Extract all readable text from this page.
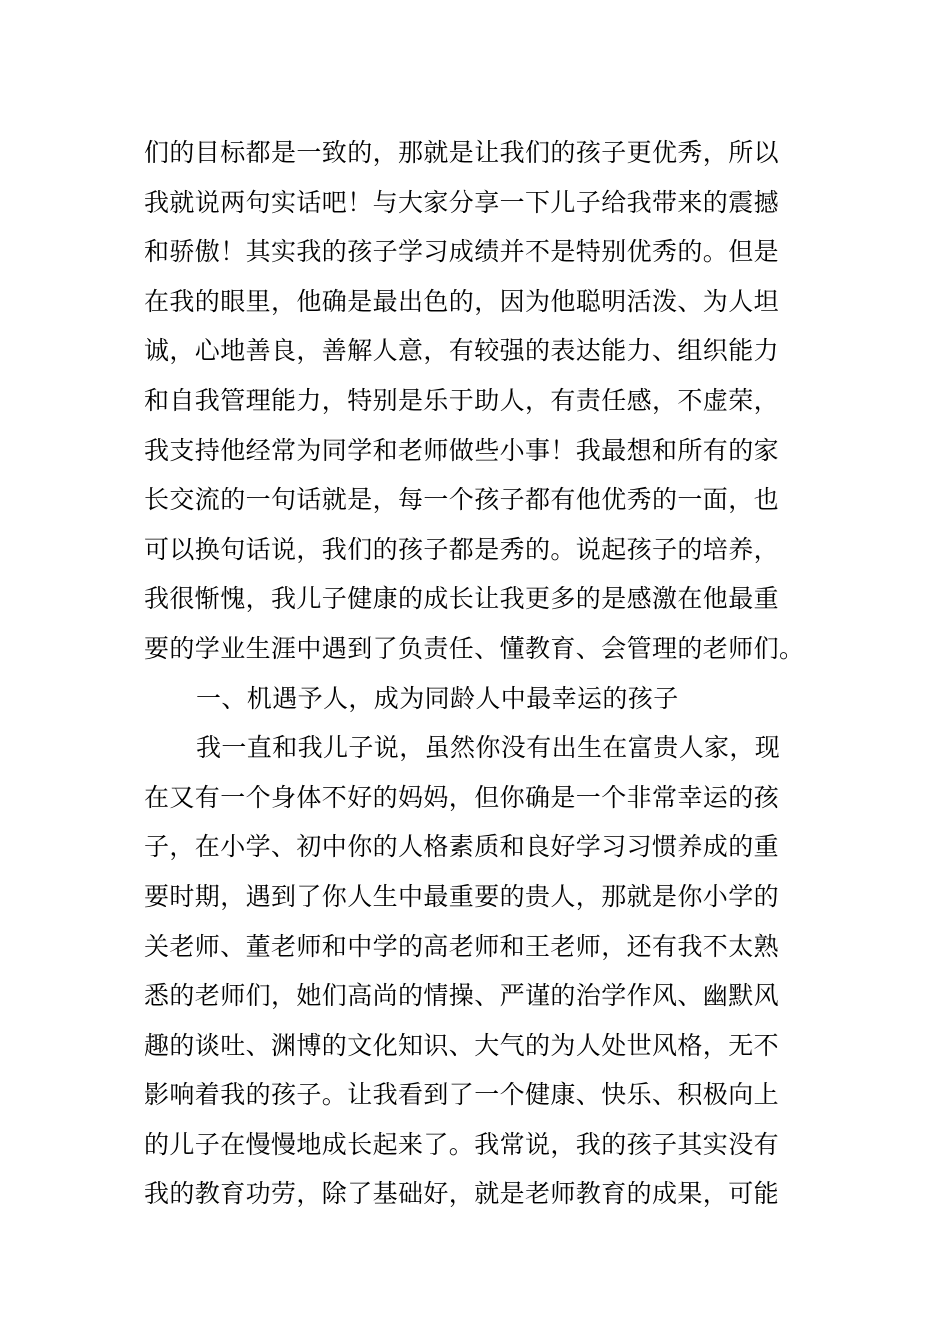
们的目标都是一致的，那就是让我们的孩子更优秀，所以
我就说两句实话吧！与大家分享一下儿子给我带来的震撼
和骄傲！其实我的孩子学习成绩并不是特别优秀的。但是
在我的眼里，他确是最出色的，因为他聪明活泼、为人坦
诚，心地善良，善解人意，有较强的表达能力、组织能力
和自我管理能力，特别是乐于助人，有责任感，不虚荣，
我支持他经常为同学和老师做些小事！我最想和所有的家
长交流的一句话就是，每一个孩子都有他优秀的一面，也
可以换句话说，我们的孩子都是秀的。说起孩子的培养，
我很惭愧，我儿子健康的成长让我更多的是感激在他最重
要的学业生涯中遇到了负责任、懂教育、会管理的老师们。
一、机遇予人，成为同龄人中最幸运的孩子
我一直和我儿子说，虽然你没有出生在富贵人家，现
在又有一个身体不好的妈妈，但你确是一个非常幸运的孩
子，在小学、初中你的人格素质和良好学习习惯养成的重
要时期，遇到了你人生中最重要的贵人，那就是你小学的
关老师、董老师和中学的高老师和王老师，还有我不太熟
悉的老师们，她们高尚的情操、严谨的治学作风、幽默风
趣的谈吐、渊博的文化知识、大气的为人处世风格，无不
影响着我的孩子。让我看到了一个健康、快乐、积极向上
的儿子在慢慢地成长起来了。我常说，我的孩子其实没有
我的教育功劳，除了基础好，就是老师教育的成果，可能
